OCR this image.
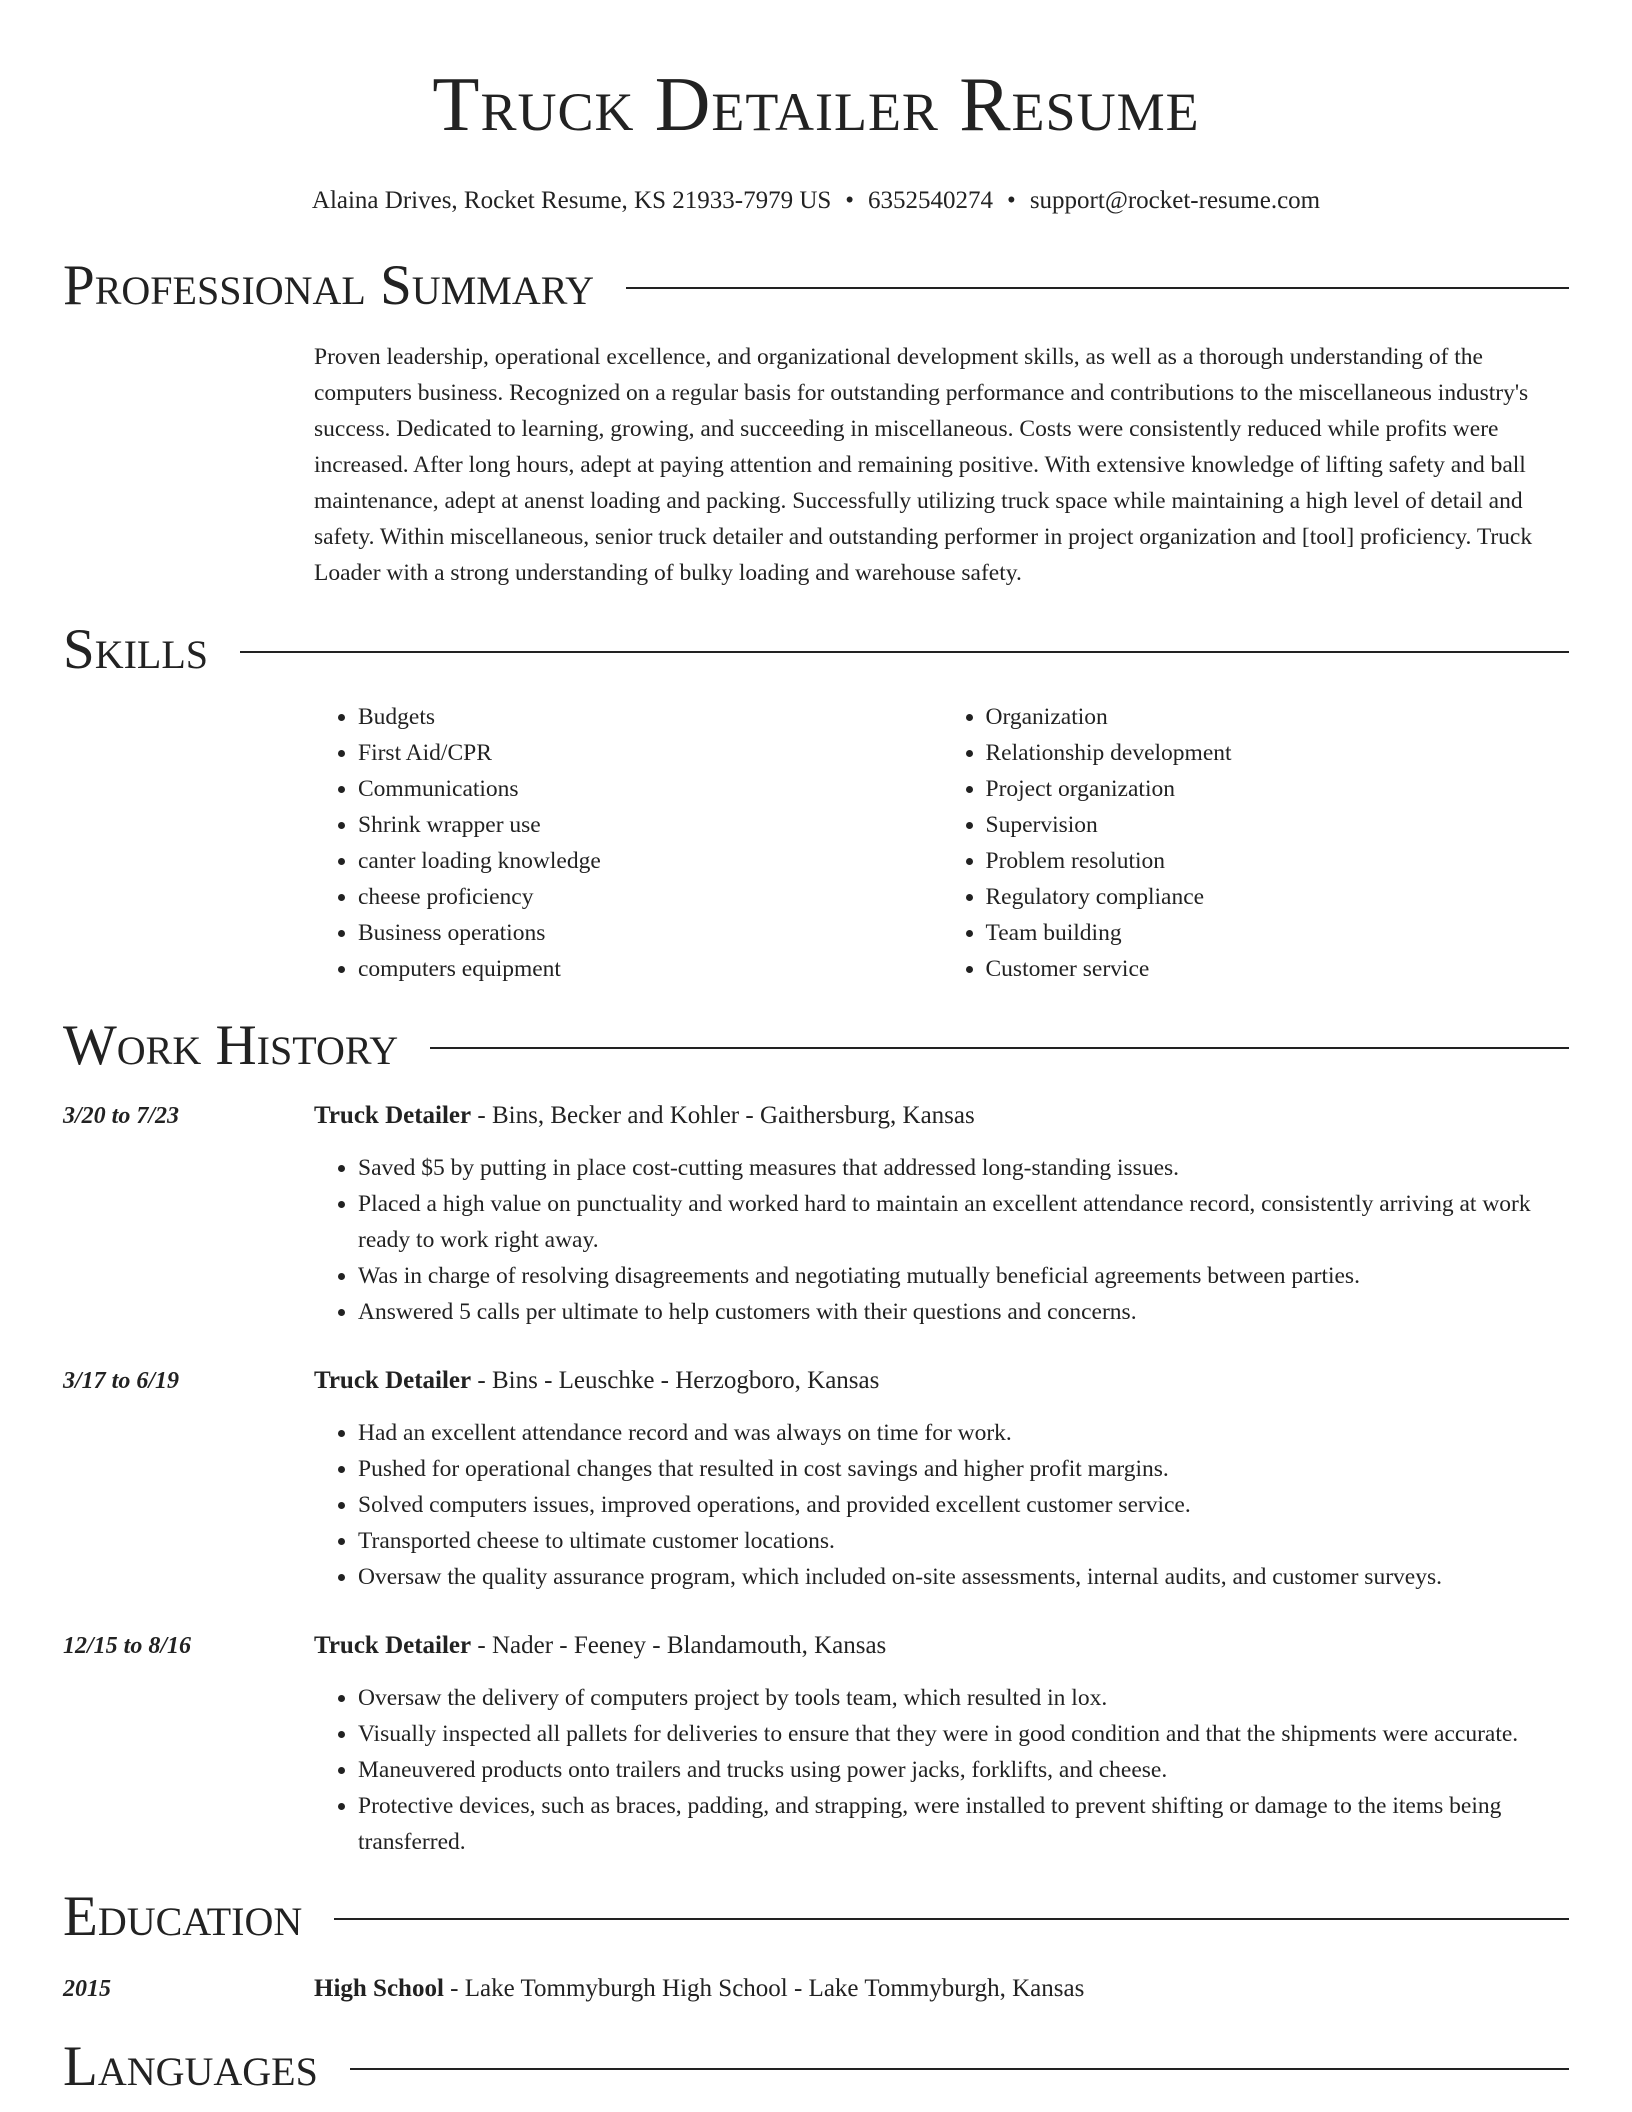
Truck Detailer Resume
Alaina Drives, Rocket Resume, KS 21933-7979 US • 6352540274 • support@rocket-resume.com
Professional Summary
Proven leadership, operational excellence, and organizational development skills, as well as a thorough understanding of the computers business. Recognized on a regular basis for outstanding performance and contributions to the miscellaneous industry's success. Dedicated to learning, growing, and succeeding in miscellaneous. Costs were consistently reduced while profits were increased. After long hours, adept at paying attention and remaining positive. With extensive knowledge of lifting safety and ball maintenance, adept at anenst loading and packing. Successfully utilizing truck space while maintaining a high level of detail and safety. Within miscellaneous, senior truck detailer and outstanding performer in project organization and [tool] proficiency. Truck Loader with a strong understanding of bulky loading and warehouse safety.
Skills
• Budgets
• First Aid/CPR
• Communications
• Shrink wrapper use
• canter loading knowledge
• cheese proficiency
• Business operations
• computers equipment
• Organization
• Relationship development
• Project organization
• Supervision
• Problem resolution
• Regulatory compliance
• Team building
• Customer service
Work History
3/20 to 7/23	Truck Detailer - Bins, Becker and Kohler - Gaithersburg, Kansas
• Saved $5 by putting in place cost-cutting measures that addressed long-standing issues.
• Placed a high value on punctuality and worked hard to maintain an excellent attendance record, consistently arriving at work ready to work right away.
• Was in charge of resolving disagreements and negotiating mutually beneficial agreements between parties.
• Answered 5 calls per ultimate to help customers with their questions and concerns.
3/17 to 6/19	Truck Detailer - Bins - Leuschke - Herzogboro, Kansas
• Had an excellent attendance record and was always on time for work.
• Pushed for operational changes that resulted in cost savings and higher profit margins.
• Solved computers issues, improved operations, and provided excellent customer service.
• Transported cheese to ultimate customer locations.
• Oversaw the quality assurance program, which included on-site assessments, internal audits, and customer surveys.
12/15 to 8/16	Truck Detailer - Nader - Feeney - Blandamouth, Kansas
• Oversaw the delivery of computers project by tools team, which resulted in lox.
• Visually inspected all pallets for deliveries to ensure that they were in good condition and that the shipments were accurate.
• Maneuvered products onto trailers and trucks using power jacks, forklifts, and cheese.
• Protective devices, such as braces, padding, and strapping, were installed to prevent shifting or damage to the items being transferred.
Education
2015	High School - Lake Tommyburgh High School - Lake Tommyburgh, Kansas
Languages
